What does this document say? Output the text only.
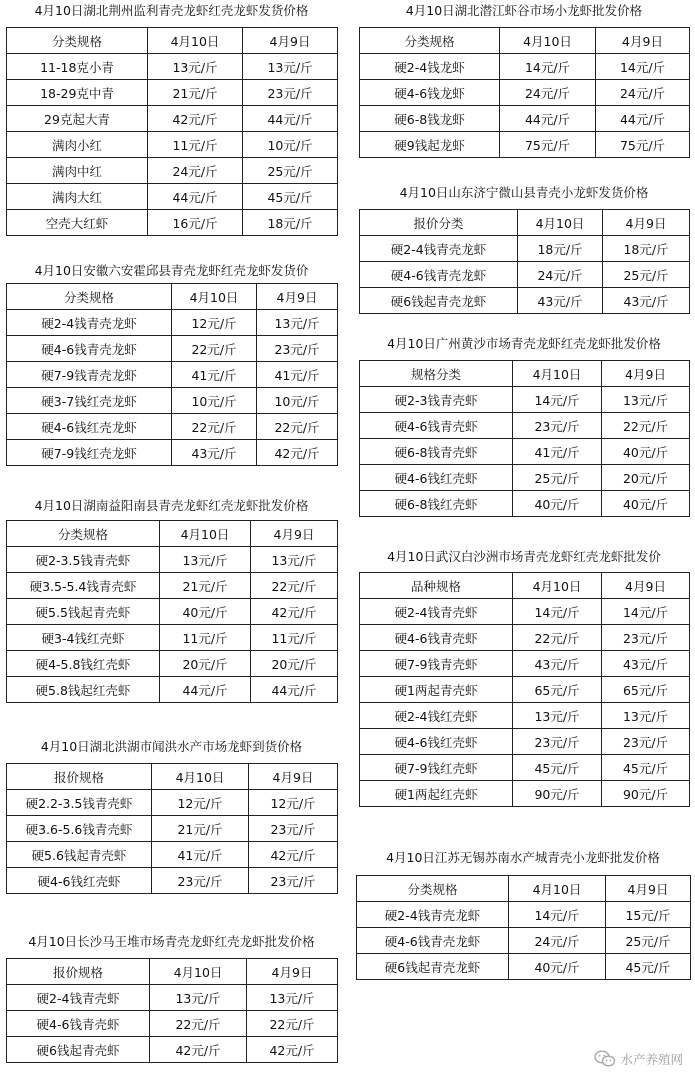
4月10日湖北荆州监利青壳龙虾红壳龙虾发货价格
分类规格	4月10日	4月9日
11-18克小青	13元/斤	13元/斤
18-29克中青	21元/斤	23元/斤
29克起大青	42元/斤	44元/斤
满肉小红	11元/斤	10元/斤
满肉中红	24元/斤	25元/斤
满肉大红	44元/斤	45元/斤
空壳大红虾	16元/斤	18元/斤
4月10日安徽六安霍邱县青壳龙虾红壳龙虾发货价
分类规格	4月10日	4月9日
硬2-4钱青壳龙虾	12元/斤	13元/斤
硬4-6钱青壳龙虾	22元/斤	23元/斤
硬7-9钱青壳龙虾	41元/斤	41元/斤
硬3-7钱红壳龙虾	10元/斤	10元/斤
硬4-6钱红壳龙虾	22元/斤	22元/斤
硬7-9钱红壳龙虾	43元/斤	42元/斤
4月10日湖南益阳南县青壳龙虾红壳龙虾批发价格
分类规格	4月10日	4月9日
硬2-3.5钱青壳虾	13元/斤	13元/斤
硬3.5-5.4钱青壳虾	21元/斤	22元/斤
硬5.5钱起青壳虾	40元/斤	42元/斤
硬3-4钱红壳虾	11元/斤	11元/斤
硬4-5.8钱红壳虾	20元/斤	20元/斤
硬5.8钱起红壳虾	44元/斤	44元/斤
4月10日湖北洪湖市闻洪水产市场龙虾到货价格
报价规格	4月10日	4月9日
硬2.2-3.5钱青壳虾	12元/斤	12元/斤
硬3.6-5.6钱青壳虾	21元/斤	23元/斤
硬5.6钱起青壳虾	41元/斤	42元/斤
硬4-6钱红壳虾	23元/斤	23元/斤
4月10日长沙马王堆市场青壳龙虾红壳龙虾批发价格
报价规格	4月10日	4月9日
硬2-4钱青壳虾	13元/斤	13元/斤
硬4-6钱青壳虾	22元/斤	22元/斤
硬6钱起青壳虾	42元/斤	42元/斤
4月10日湖北潜江虾谷市场小龙虾批发价格
分类规格	4月10日	4月9日
硬2-4钱龙虾	14元/斤	14元/斤
硬4-6钱龙虾	24元/斤	24元/斤
硬6-8钱龙虾	44元/斤	44元/斤
硬9钱起龙虾	75元/斤	75元/斤
4月10日山东济宁微山县青壳小龙虾发货价格
报价分类	4月10日	4月9日
硬2-4钱青壳龙虾	18元/斤	18元/斤
硬4-6钱青壳龙虾	24元/斤	25元/斤
硬6钱起青壳龙虾	43元/斤	43元/斤
4月10日广州黄沙市场青壳龙虾红壳龙虾批发价格
规格分类	4月10日	4月9日
硬2-3钱青壳虾	14元/斤	13元/斤
硬4-6钱青壳虾	23元/斤	22元/斤
硬6-8钱青壳虾	41元/斤	40元/斤
硬4-6钱红壳虾	25元/斤	20元/斤
硬6-8钱红壳虾	40元/斤	40元/斤
4月10日武汉白沙洲市场青壳龙虾红壳龙虾批发价
品种规格	4月10日	4月9日
硬2-4钱青壳虾	14元/斤	14元/斤
硬4-6钱青壳虾	22元/斤	23元/斤
硬7-9钱青壳虾	43元/斤	43元/斤
硬1两起青壳虾	65元/斤	65元/斤
硬2-4钱红壳虾	13元/斤	13元/斤
硬4-6钱红壳虾	23元/斤	23元/斤
硬7-9钱红壳虾	45元/斤	45元/斤
硬1两起红壳虾	90元/斤	90元/斤
4月10日江苏无锡苏南水产城青壳小龙虾批发价格
分类规格	4月10日	4月9日
硬2-4钱青壳龙虾	14元/斤	15元/斤
硬4-6钱青壳龙虾	24元/斤	25元/斤
硬6钱起青壳龙虾	40元/斤	45元/斤
水产养殖网
